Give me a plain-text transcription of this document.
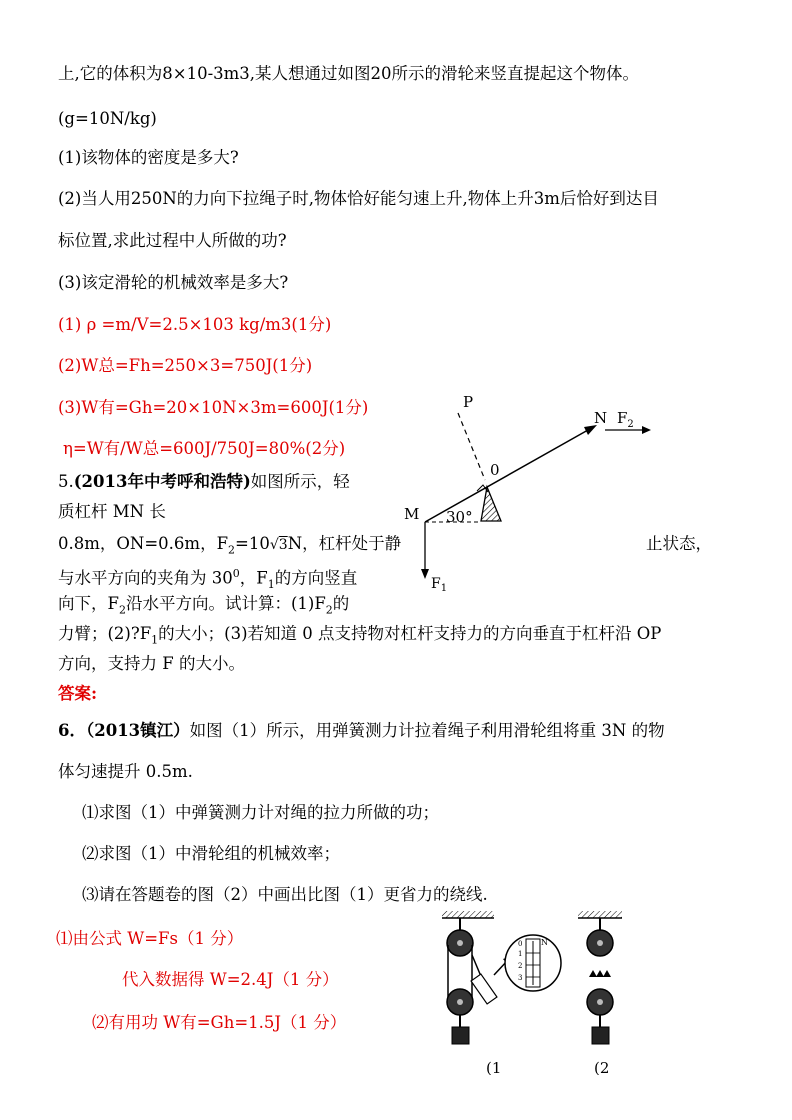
上,它的体积为8×10-3m3,某人想通过如图20所示的滑轮来竖直提起这个物体。
(g=10N/kg)
(1)该物体的密度是多大?
(2)当人用250N的力向下拉绳子时,物体恰好能匀速上升,物体上升3m后恰好到达目
标位置,求此过程中人所做的功?
(3)该定滑轮的机械效率是多大?
(1) ρ =m/V=2.5×103 kg/m3(1分)
(2)W总=Fh=250×3=750J(1分)
(3)W有=Gh=20×10N×3m=600J(1分)
η=W有/W总=600J/750J=80%(2分)
5.(2013年中考呼和浩特)如图所示，轻
质杠杆 MN 长
0.8m，ON=0.6m，$F_2=10√3N$，杠杆处于静	止状态，
与水平方向的夹角为 $30^0$，$F_1$的方向竖直
向下，$F_2$沿水平方向。试计算：$(1)F_2$的
力臂；$(2)?F_1$的大小；(3)若知道 0 点支持物对杠杆支持力的方向垂直于杠杆沿 OP
方向，支持力 F 的大小。
答案:
6．（2013镇江）如图（1）所示，用弹簧测力计拉着绳子利用滑轮组将重 3N 的物
体匀速提升 0.5m.
⑴求图（1）中弹簧测力计对绳的拉力所做的功；
⑵求图（1）中滑轮组的机械效率；
⑶请在答题卷的图（2）中画出比图（1）更省力的绕线.
⑴由公式 W=Fs（1 分）
代入数据得 W=2.4J（1 分）
⑵有用功 W有=Gh=1.5J（1 分）
P
N $F_2$
0
M 30°
$F_1$
N
0
1
2
3
(1	(2
